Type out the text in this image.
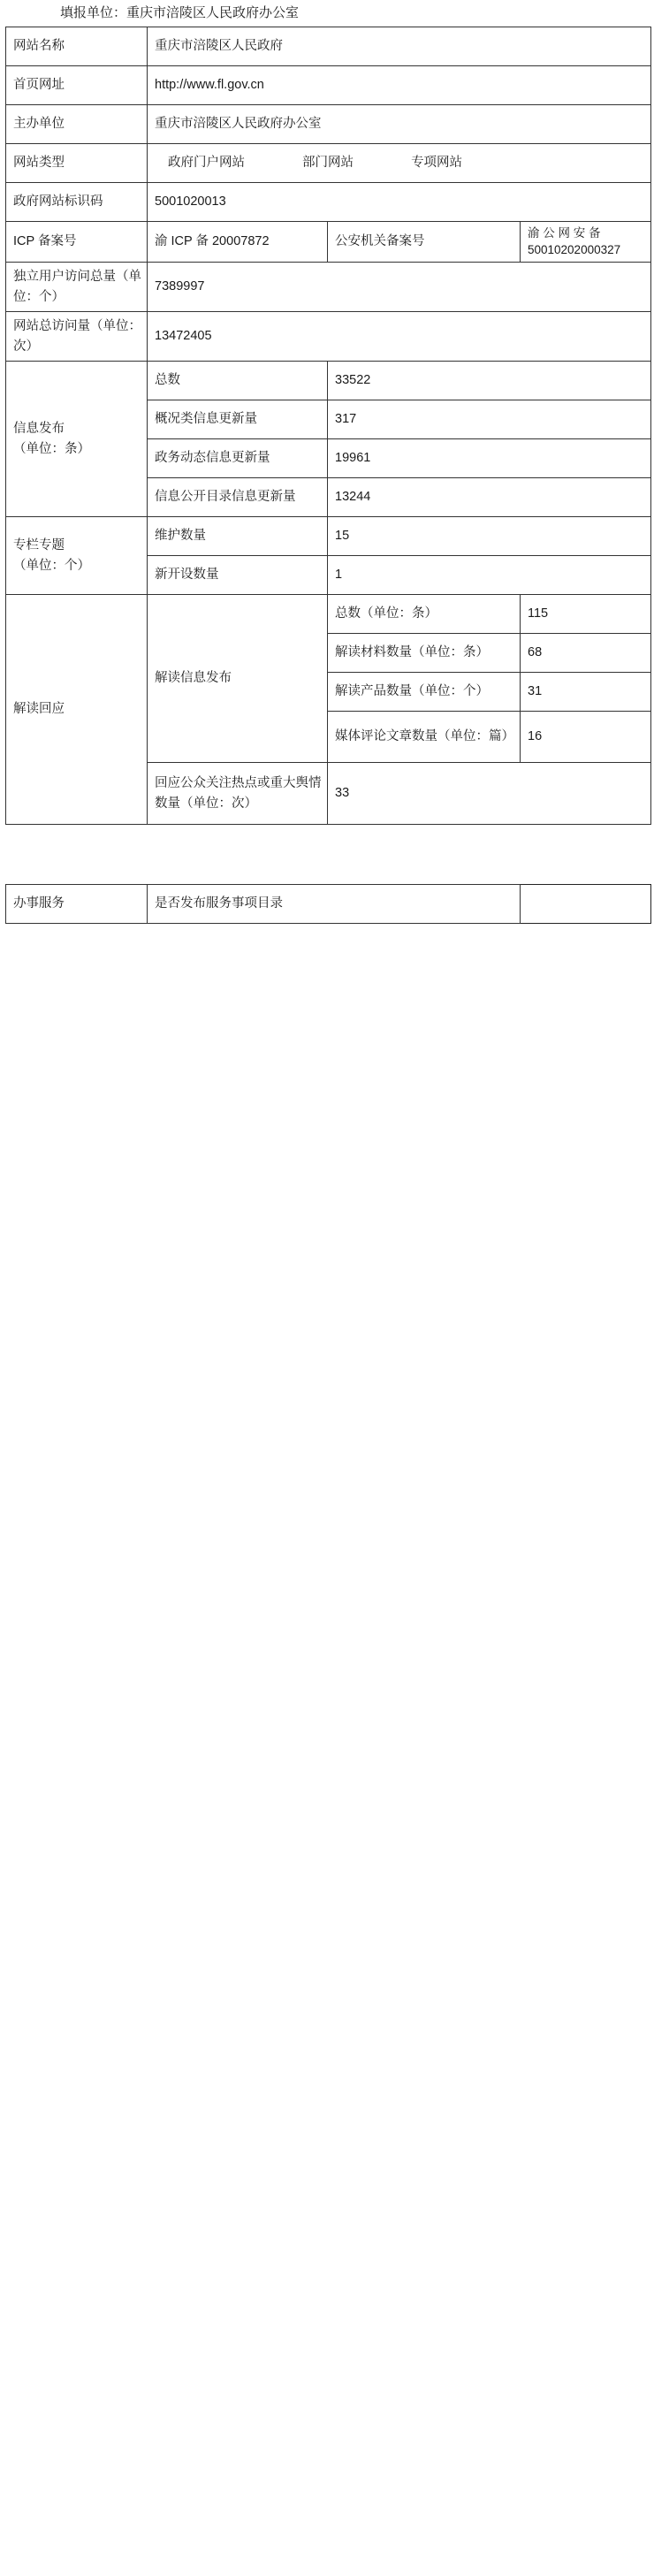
填报单位：重庆市涪陵区人民政府办公室
网站名称	重庆市涪陵区人民政府		
首页网址	http://www.fl.gov.cn		
主办单位	重庆市涪陵区人民政府办公室		
网站类型	政府门户网站 部门网站 专项网站		
政府网站标识码	5001020013		
ICP 备案号	渝 ICP 备 20007872	公安机关备案号	渝 公 网 安 备 50010202000327
独立用户访问总量（单位：个）	7389997		
网站总访问量（单位：次）	13472405		

信息发布
（单位：条）	总数	33522	
	概况类信息更新量	317	
	政务动态信息更新量	19961	
	信息公开目录信息更新量	13244	

专栏专题
（单位：个）	维护数量	15	
	新开设数量	1	
解读回应	解读信息发布	总数（单位：条）	115
		解读材料数量（单位：条）	68
		解读产品数量（单位：个）	31
		媒体评论文章数量（单位：篇）	16
	回应公众关注热点或重大舆情数量（单位：次）	33	
办事服务	是否发布服务事项目录
